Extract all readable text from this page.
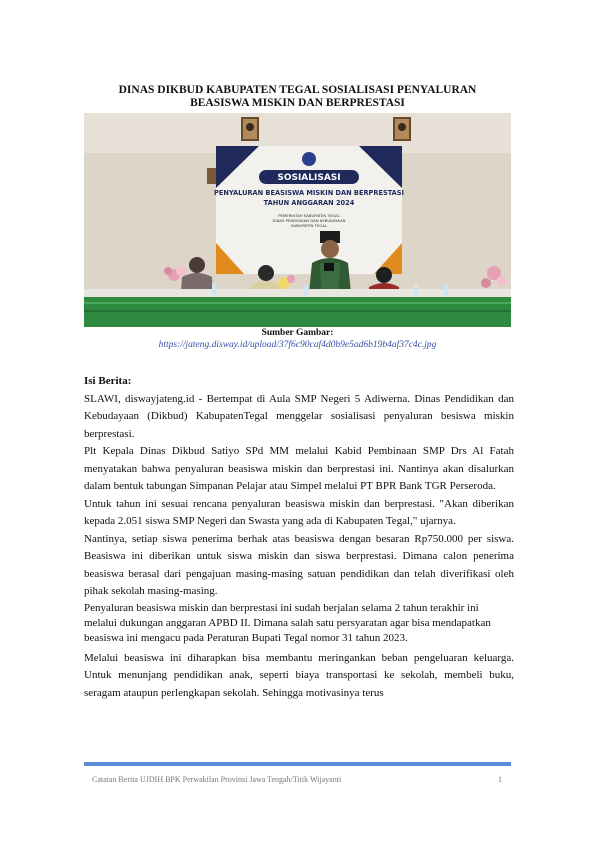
DINAS DIKBUD KABUPATEN TEGAL SOSIALISASI PENYALURAN
BEASISWA MISKIN DAN BERPRESTASI
SOSIALISASI
PENYALURAN BEASISWA MISKIN DAN BERPRESTASI
TAHUN ANGGARAN 2024
PEMERINTAH KABUPATEN TEGAL
DINAS PENDIDIKAN DAN KEBUDAYAAN
KABUPATEN TEGAL
Sumber Gambar:
https://jateng.disway.id/upload/37f6c90caf4d0b9e5ad6b19b4af37c4c.jpg

Isi Berita:

SLAWI, diswayjateng.id - Bertempat di Aula SMP Negeri 5 Adiwerna. Dinas Pendidikan dan Kebudayaan (Dikbud) KabupatenTegal menggelar sosialisasi penyaluran besiswa miskin berprestasi.

Plt Kepala Dinas Dikbud Satiyo SPd MM melalui Kabid Pembinaan SMP Drs Al Fatah menyatakan bahwa penyaluran beasiswa miskin dan berprestasi ini. Nantinya akan disalurkan dalam bentuk tabungan Simpanan Pelajar atau Simpel melalui PT BPR Bank TGR Perseroda.

Untuk tahun ini sesuai rencana penyaluran beasiswa miskin dan berprestasi. "Akan diberikan kepada 2.051 siswa SMP Negeri dan Swasta yang ada di Kabupaten Tegal," ujarnya.

Nantinya, setiap siswa penerima berhak atas beasiswa dengan besaran Rp750.000 per siswa. Beasiswa ini diberikan untuk siswa miskin dan siswa berprestasi. Dimana calon penerima beasiswa berasal dari pengajuan masing-masing satuan pendidikan dan telah diverifikasi oleh pihak sekolah masing-masing.

Penyaluran beasiswa miskin dan berprestasi ini sudah berjalan selama 2 tahun terakhir ini melalui dukungan anggaran APBD II. Dimana salah satu persyaratan agar bisa mendapatkan beasiswa ini mengacu pada Peraturan Bupati Tegal nomor 31 tahun 2023.

Melalui beasiswa ini diharapkan bisa membantu meringankan beban pengeluaran keluarga. Untuk menunjang pendidikan anak, seperti biaya transportasi ke sekolah, membeli buku, seragam ataupun perlengkapan sekolah. Sehingga motivasinya terus

Catatan Berita UJDIH BPK Perwakilan Provinsi Jawa Tengah/Titik Wijayanti	1
